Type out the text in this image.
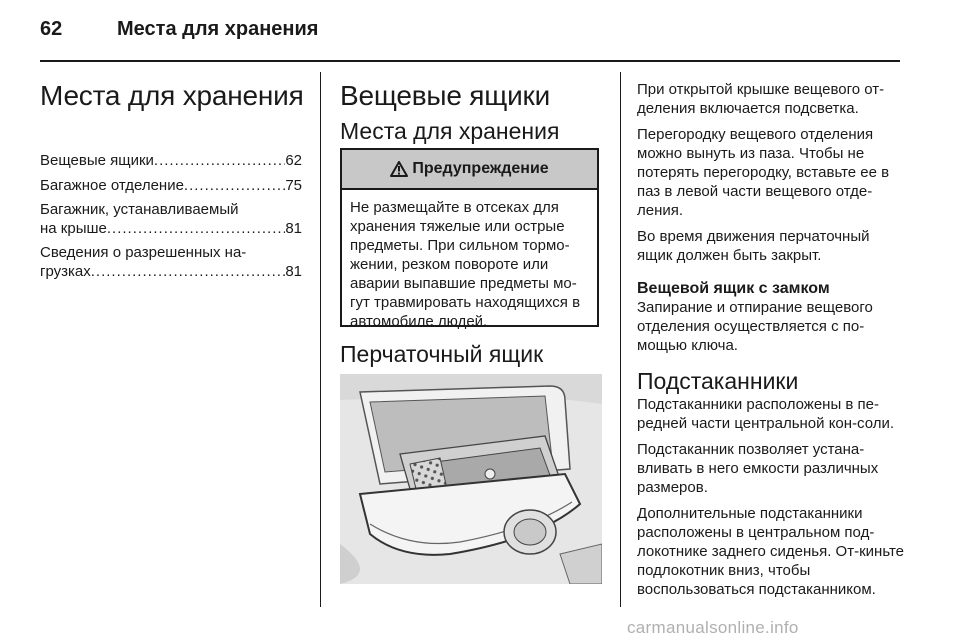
62	Места для хранения
Места для хранения
Вещевые ящики .....	62
Багажное отделение .....	75
Багажник, устанавливаемый
на крыше .....	81
Сведения о разрешенных на-
грузках .....	81
Вещевые ящики
Места для хранения
Предупреждение
Не размещайте в отсеках для хранения тяжелые или острые предметы. При сильном тормо-жении, резком повороте или аварии выпавшие предметы мо-гут травмировать находящихся в автомобиле людей.
Перчаточный ящик

При открытой крышке вещевого от-деления включается подсветка.

Перегородку вещевого отделения можно вынуть из паза. Чтобы не потерять перегородку, вставьте ее в паз в левой части вещевого отде-ления.

Во время движения перчаточный ящик должен быть закрыт.

Вещевой ящик с замком

Запирание и отпирание вещевого отделения осуществляется с по-мощью ключа.

Подстаканники

Подстаканники расположены в пе-редней части центральной кон-соли.

Подстаканник позволяет устана-вливать в него емкости различных размеров.

Дополнительные подстаканники расположены в центральном под-локотнике заднего сиденья. От-киньте подлокотник вниз, чтобы воспользоваться подстаканником.

carmanualsonline.info
